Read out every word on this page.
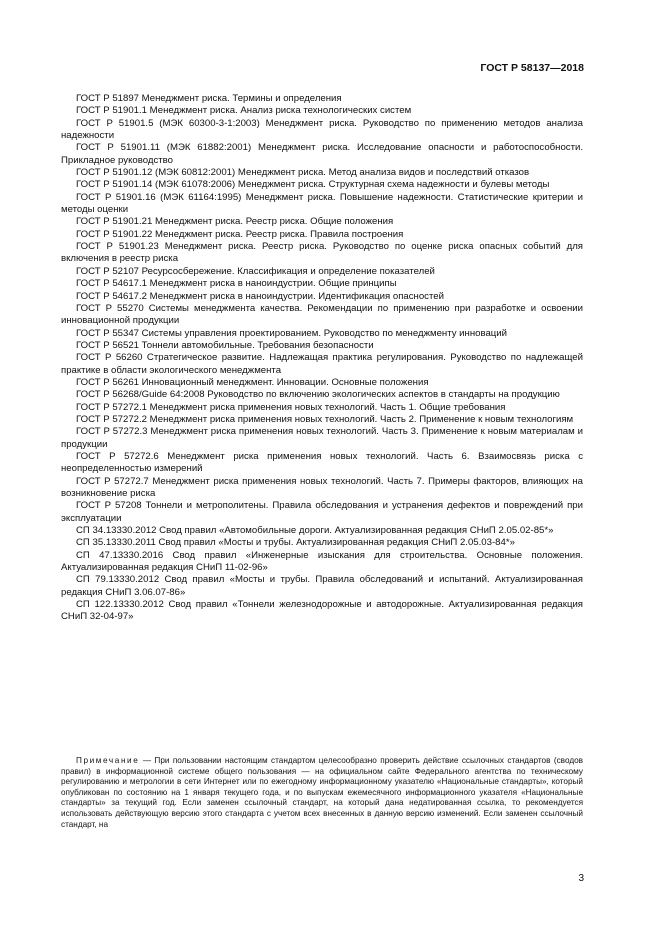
ГОСТ Р 58137—2018

ГОСТ Р 51897 Менеджмент риска. Термины и определения

ГОСТ Р 51901.1 Менеджмент риска. Анализ риска технологических систем

ГОСТ Р 51901.5 (МЭК 60300-3-1:2003) Менеджмент риска. Руководство по применению методов анализа надежности

ГОСТ Р 51901.11 (МЭК 61882:2001) Менеджмент риска. Исследование опасности и работоспособности. Прикладное руководство

ГОСТ Р 51901.12 (МЭК 60812:2001) Менеджмент риска. Метод анализа видов и последствий отказов

ГОСТ Р 51901.14 (МЭК 61078:2006) Менеджмент риска. Структурная схема надежности и булевы методы

ГОСТ Р 51901.16 (МЭК 61164:1995) Менеджмент риска. Повышение надежности. Статистические критерии и методы оценки

ГОСТ Р 51901.21 Менеджмент риска. Реестр риска. Общие положения

ГОСТ Р 51901.22 Менеджмент риска. Реестр риска. Правила построения

ГОСТ Р 51901.23 Менеджмент риска. Реестр риска. Руководство по оценке риска опасных событий для включения в реестр риска

ГОСТ Р 52107 Ресурсосбережение. Классификация и определение показателей

ГОСТ Р 54617.1 Менеджмент риска в наноиндустрии. Общие принципы

ГОСТ Р 54617.2 Менеджмент риска в наноиндустрии. Идентификация опасностей

ГОСТ Р 55270 Системы менеджмента качества. Рекомендации по применению при разработке и освоении инновационной продукции

ГОСТ Р 55347 Системы управления проектированием. Руководство по менеджменту инноваций

ГОСТ Р 56521 Тоннели автомобильные. Требования безопасности

ГОСТ Р 56260 Стратегическое развитие. Надлежащая практика регулирования. Руководство по надлежащей практике в области экологического менеджмента

ГОСТ Р 56261 Инновационный менеджмент. Инновации. Основные положения

ГОСТ Р 56268/Guide 64:2008 Руководство по включению экологических аспектов в стандарты на продукцию

ГОСТ Р 57272.1 Менеджмент риска применения новых технологий. Часть 1. Общие требования

ГОСТ Р 57272.2 Менеджмент риска применения новых технологий. Часть 2. Применение к новым технологиям

ГОСТ Р 57272.3 Менеджмент риска применения новых технологий. Часть 3. Применение к новым материалам и продукции

ГОСТ Р 57272.6 Менеджмент риска применения новых технологий. Часть 6. Взаимосвязь риска с неопределенностью измерений

ГОСТ Р 57272.7 Менеджмент риска применения новых технологий. Часть 7. Примеры факторов, влияющих на возникновение риска

ГОСТ Р 57208 Тоннели и метрополитены. Правила обследования и устранения дефектов и повреждений при эксплуатации

СП 34.13330.2012 Свод правил «Автомобильные дороги. Актуализированная редакция СНиП 2.05.02-85*»

СП 35.13330.2011 Свод правил «Мосты и трубы. Актуализированная редакция СНиП 2.05.03-84*»

СП 47.13330.2016 Свод правил «Инженерные изыскания для строительства. Основные положения. Актуализированная редакция СНиП 11-02-96»

СП 79.13330.2012 Свод правил «Мосты и трубы. Правила обследований и испытаний. Актуализированная редакция СНиП 3.06.07-86»

СП 122.13330.2012 Свод правил «Тоннели железнодорожные и автодорожные. Актуализированная редакция СНиП 32-04-97»

Примечание — При пользовании настоящим стандартом целесообразно проверить действие ссылочных стандартов (сводов правил) в информационной системе общего пользования — на официальном сайте Федерального агентства по техническому регулированию и метрологии в сети Интернет или по ежегодному информационному указателю «Национальные стандарты», который опубликован по состоянию на 1 января текущего года, и по выпускам ежемесячного информационного указателя «Национальные стандарты» за текущий год. Если заменен ссылочный стандарт, на который дана недатированная ссылка, то рекомендуется использовать действующую версию этого стандарта с учетом всех внесенных в данную версию изменений. Если заменен ссылочный стандарт, на

3
